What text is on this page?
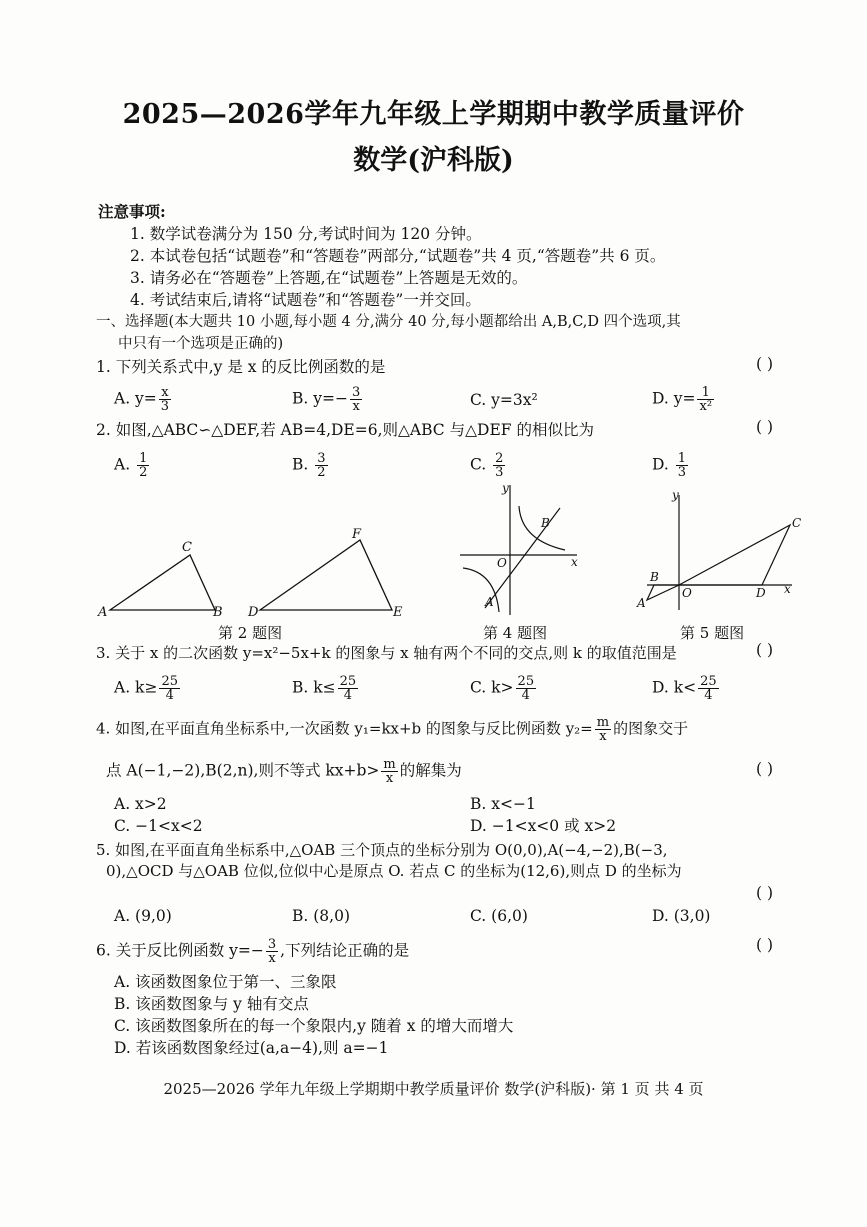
2025—2026学年九年级上学期期中教学质量评价
数学(沪科版)
注意事项:
1. 数学试卷满分为 150 分,考试时间为 120 分钟。
2. 本试卷包括“试题卷”和“答题卷”两部分,“试题卷”共 4 页,“答题卷”共 6 页。
3. 请务必在“答题卷”上答题,在“试题卷”上答题是无效的。
4. 考试结束后,请将“试题卷”和“答题卷”一并交回。
一、选择题(本大题共 10 小题,每小题 4 分,满分 40 分,每小题都给出 A,B,C,D 四个选项,其
中只有一个选项是正确的)
1. 下列关系式中,y 是 x 的反比例函数的是	( )
A. $y= \frac{x}{3}$	B. $y=- \frac{3}{x}$	C. y=3x²	D. $y= \frac{1}{\text{x²}}$
2. 如图,△ABC∽△DEF,若 AB=4,DE=6,则△ABC 与△DEF 的相似比为	( )
A. $\frac{1}{2}$	B. $\frac{3}{2}$	C. $\frac{2}{3}$	D. $\frac{1}{3}$
A
C
B D
F
E
第 2 题图
y
x
O
A
B
第 4 题图
y
x
O
B
A
C
D
第 5 题图
3. 关于 x 的二次函数 y=x²−5x+k 的图象与 x 轴有两个不同的交点,则 k 的取值范围是	( )
A. $k\ge \frac{25}{4}$	B. $k\le \frac{25}{4}$	C. $k> \frac{25}{4}$	D. $k< \frac{25}{4}$
4. 如图,在平面直角坐标系中,一次函数 y₁=kx+b 的图象与反比例函数 $y_2= \frac{m}{x}$ 的图象交于
点 A(−1,−2),B(2,n),则不等式 $kx+b> \frac{m}{x}$ 的解集为	( )
A. x>2	B. x<−1
C. −1<x<2	D. −1<x<0 或 x>2
5. 如图,在平面直角坐标系中,△OAB 三个顶点的坐标分别为 O(0,0),A(−4,−2),B(−3,
0),△OCD 与△OAB 位似,位似中心是原点 O. 若点 C 的坐标为(12,6),则点 D 的坐标为
( )
A. (9,0)	B. (8,0)	C. (6,0)	D. (3,0)
6. 关于反比例函数 $y=- \frac{3}{x}$ ,下列结论正确的是	( )
A. 该函数图象位于第一、三象限
B. 该函数图象与 y 轴有交点
C. 该函数图象所在的每一个象限内,y 随着 x 的增大而增大
D. 若该函数图象经过(a,a−4),则 a=−1
2025—2026 学年九年级上学期期中教学质量评价 数学(沪科版)· 第 1 页 共 4 页
